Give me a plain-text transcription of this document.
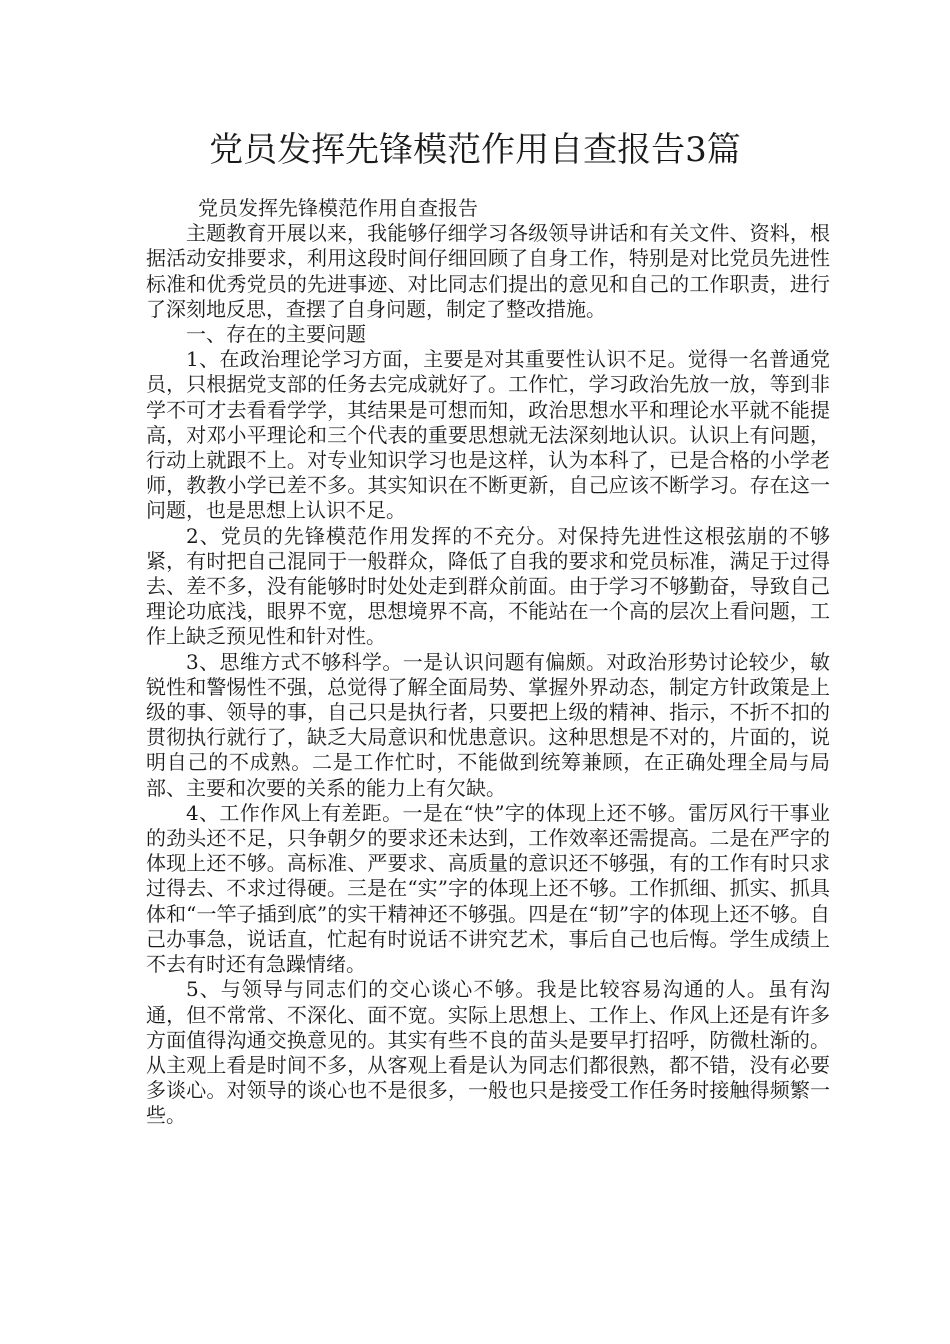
党员发挥先锋模范作用自查报告3篇

党员发挥先锋模范作用自查报告

主题教育开展以来，我能够仔细学习各级领导讲话和有关文件、资料，根据活动安排要求，利用这段时间仔细回顾了自身工作，特别是对比党员先进性标准和优秀党员的先进事迹、对比同志们提出的意见和自己的工作职责，进行了深刻地反思，查摆了自身问题，制定了整改措施。

一、存在的主要问题

1、在政治理论学习方面，主要是对其重要性认识不足。觉得一名普通党员，只根据党支部的任务去完成就好了。工作忙，学习政治先放一放，等到非学不可才去看看学学，其结果是可想而知，政治思想水平和理论水平就不能提高，对邓小平理论和三个代表的重要思想就无法深刻地认识。认识上有问题，行动上就跟不上。对专业知识学习也是这样，认为本科了，已是合格的小学老师，教教小学已差不多。其实知识在不断更新，自己应该不断学习。存在这一问题，也是思想上认识不足。

2、党员的先锋模范作用发挥的不充分。对保持先进性这根弦崩的不够紧，有时把自己混同于一般群众，降低了自我的要求和党员标准，满足于过得去、差不多，没有能够时时处处走到群众前面。由于学习不够勤奋，导致自己理论功底浅，眼界不宽，思想境界不高，不能站在一个高的层次上看问题，工作上缺乏预见性和针对性。

3、思维方式不够科学。一是认识问题有偏颇。对政治形势讨论较少，敏锐性和警惕性不强，总觉得了解全面局势、掌握外界动态，制定方针政策是上级的事、领导的事，自己只是执行者，只要把上级的精神、指示，不折不扣的贯彻执行就行了，缺乏大局意识和忧患意识。这种思想是不对的，片面的，说明自己的不成熟。二是工作忙时，不能做到统筹兼顾，在正确处理全局与局部、主要和次要的关系的能力上有欠缺。

4、工作作风上有差距。一是在“快”字的体现上还不够。雷厉风行干事业的劲头还不足，只争朝夕的要求还未达到，工作效率还需提高。二是在严字的体现上还不够。高标准、严要求、高质量的意识还不够强，有的工作有时只求过得去、不求过得硬。三是在“实”字的体现上还不够。工作抓细、抓实、抓具体和“一竿子插到底”的实干精神还不够强。四是在“韧”字的体现上还不够。自己办事急，说话直，忙起有时说话不讲究艺术，事后自己也后悔。学生成绩上不去有时还有急躁情绪。

5、与领导与同志们的交心谈心不够。我是比较容易沟通的人。虽有沟通，但不常常、不深化、面不宽。实际上思想上、工作上、作风上还是有许多方面值得沟通交换意见的。其实有些不良的苗头是要早打招呼，防微杜渐的。从主观上看是时间不多，从客观上看是认为同志们都很熟，都不错，没有必要多谈心。对领导的谈心也不是很多，一般也只是接受工作任务时接触得频繁一些。
